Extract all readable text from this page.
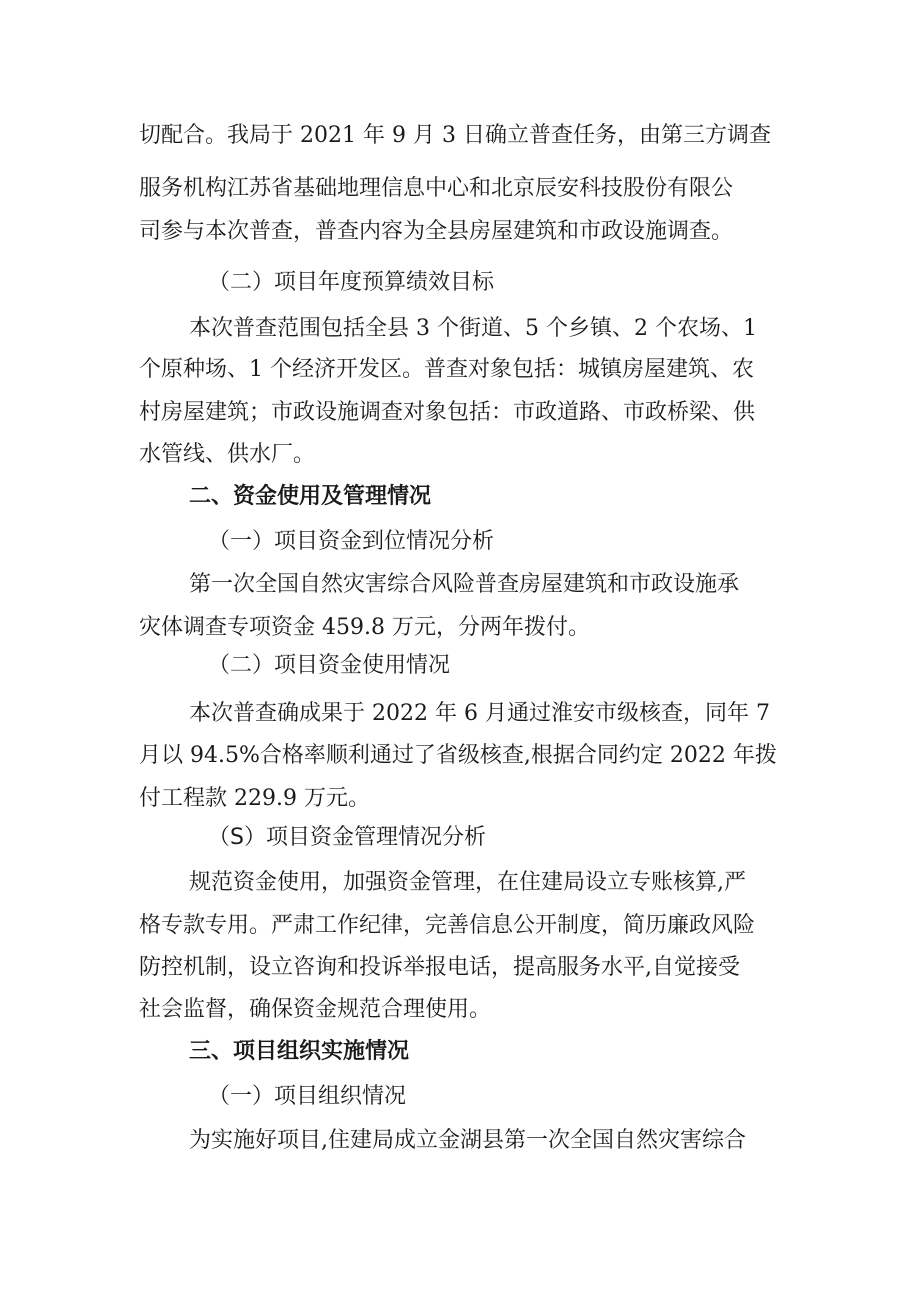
切配合。我局于 2021 年 9 月 3 日确立普查任务，由第三方调查
服务机构江苏省基础地理信息中心和北京辰安科技股份有限公
司参与本次普查，普查内容为全县房屋建筑和市政设施调查。
（二）项目年度预算绩效目标
本次普查范围包括全县 3 个街道、5 个乡镇、2 个农场、1
个原种场、1 个经济开发区。普查对象包括：城镇房屋建筑、农
村房屋建筑；市政设施调查对象包括：市政道路、市政桥梁、供
水管线、供水厂。
二、资金使用及管理情况
（一）项目资金到位情况分析
第一次全国自然灾害综合风险普查房屋建筑和市政设施承
灾体调查专项资金 459.8 万元，分两年拨付。
（二）项目资金使用情况
本次普查确成果于 2022 年 6 月通过淮安市级核查，同年 7
月以 94.5%合格率顺利通过了省级核查,根据合同约定 2022 年拨
付工程款 229.9 万元。
（S）项目资金管理情况分析
规范资金使用，加强资金管理，在住建局设立专账核算,严
格专款专用。严肃工作纪律，完善信息公开制度，简历廉政风险
防控机制，设立咨询和投诉举报电话，提高服务水平,自觉接受
社会监督，确保资金规范合理使用。
三、项目组织实施情况
（一）项目组织情况
为实施好项目,住建局成立金湖县第一次全国自然灾害综合
